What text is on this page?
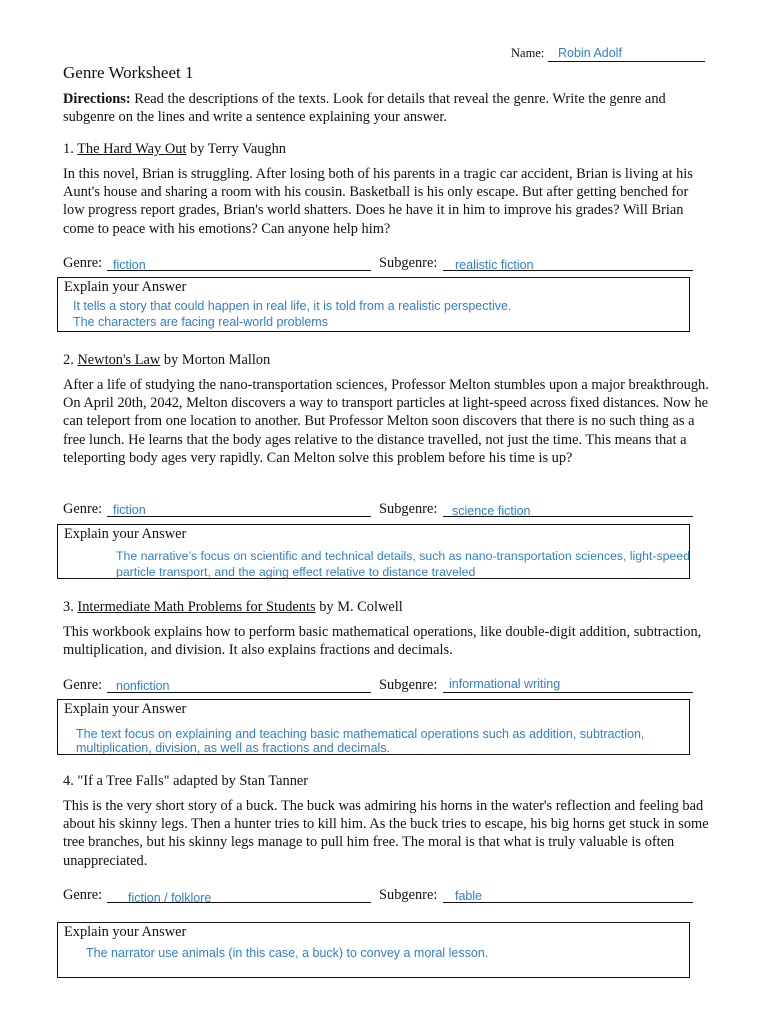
Name: Robin Adolf
Genre Worksheet 1
Directions: Read the descriptions of the texts. Look for details that reveal the genre. Write the genre and subgenre on the lines and write a sentence explaining your answer.
1. The Hard Way Out by Terry Vaughn
In this novel, Brian is struggling. After losing both of his parents in a tragic car accident, Brian is living at his Aunt's house and sharing a room with his cousin. Basketball is his only escape. But after getting benched for low progress report grades, Brian's world shatters. Does he have it in him to improve his grades? Will Brian come to peace with his emotions? Can anyone help him?
Genre: fiction	Subgenre: realistic fiction
Explain your Answer
It tells a story that could happen in real life, it is told from a realistic perspective.
The characters are facing real-world problems
2. Newton's Law by Morton Mallon
After a life of studying the nano-transportation sciences, Professor Melton stumbles upon a major breakthrough. On April 20th, 2042, Melton discovers a way to transport particles at light-speed across fixed distances. Now he can teleport from one location to another. But Professor Melton soon discovers that there is no such thing as a free lunch. He learns that the body ages relative to the distance travelled, not just the time. This means that a teleporting body ages very rapidly. Can Melton solve this problem before his time is up?
Genre: fiction	Subgenre: science fiction
Explain your Answer
The narrative’s focus on scientific and technical details, such as nano-transportation sciences, light-speed
particle transport, and the aging effect relative to distance traveled
3. Intermediate Math Problems for Students by M. Colwell
This workbook explains how to perform basic mathematical operations, like double-digit addition, subtraction, multiplication, and division. It also explains fractions and decimals.
Genre: nonfiction	Subgenre: informational writing
Explain your Answer
The text focus on explaining and teaching basic mathematical operations such as addition, subtraction,
multiplication, division, as well as fractions and decimals.
4. "If a Tree Falls" adapted by Stan Tanner
This is the very short story of a buck. The buck was admiring his horns in the water's reflection and feeling bad about his skinny legs. Then a hunter tries to kill him. As the buck tries to escape, his big horns get stuck in some tree branches, but his skinny legs manage to pull him free. The moral is that what is truly valuable is often unappreciated.
Genre: fiction / folklore	Subgenre: fable
Explain your Answer
The narrator use animals (in this case, a buck) to convey a moral lesson.
